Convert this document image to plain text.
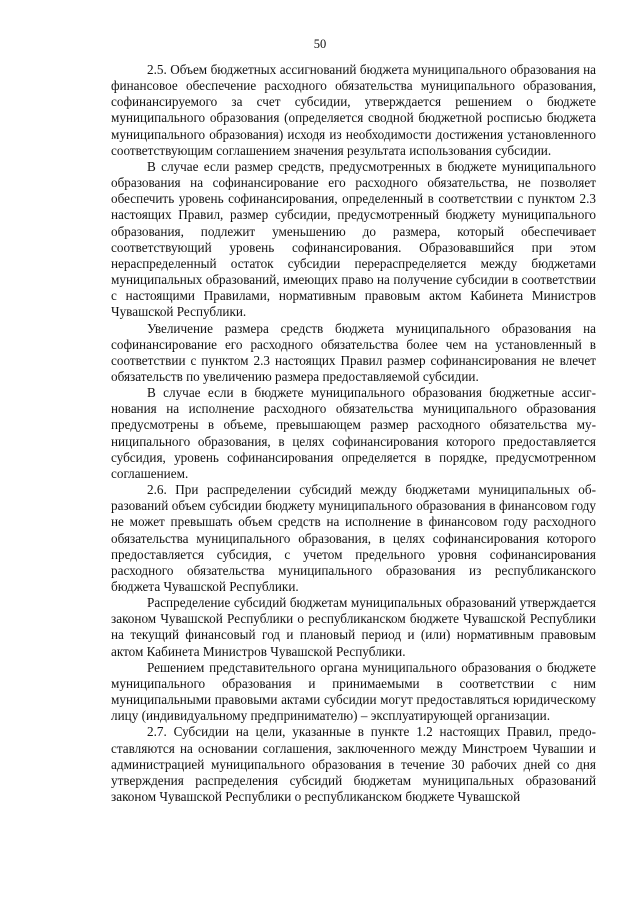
50

2.5. Объем бюджетных ассигнований бюджета муниципального образования на финансовое обеспечение расходного обязательства муниципального образования, софинансируемого за счет субсидии, утверждается решением о бюджете муниципального образования (определяется сводной бюджетной росписью бюджета муниципального образования) исходя из необходимости достижения установленного соответствующим соглашением значения результата использования субсидии.

В случае если размер средств, предусмотренных в бюджете муниципального образования на софинансирование его расходного обязательства, не позволяет обеспечить уровень софинансирования, определенный в соответствии с пунктом 2.3 настоящих Правил, размер субсидии, предусмотренный бюджету муниципального образования, подлежит уменьшению до размера, который обеспечивает соответствующий уровень софинансирования. Образовавшийся при этом нераспределенный остаток субсидии перераспределяется между бюджетами муниципальных образований, имеющих право на получение субсидии в соответствии с настоящими Правилами, нормативным правовым актом Кабинета Министров Чувашской Республики.

Увеличение размера средств бюджета муниципального образования на софинансирование его расходного обязательства более чем на установленный в соответствии с пунктом 2.3 настоящих Правил размер софинансирования не влечет обязательств по увеличению размера предоставляемой субсидии.

В случае если в бюджете муниципального образования бюджетные ассигнования на исполнение расходного обязательства муниципального образования предусмотрены в объеме, превышающем размер расходного обязательства муниципального образования, в целях софинансирования которого предоставляется субсидия, уровень софинансирования определяется в порядке, предусмотренном соглашением.

2.6. При распределении субсидий между бюджетами муниципальных образований объем субсидии бюджету муниципального образования в финансовом году не может превышать объем средств на исполнение в финансовом году расходного обязательства муниципального образования, в целях софинансирования которого предоставляется субсидия, с учетом предельного уровня софинансирования расходного обязательства муниципального образования из республиканского бюджета Чувашской Республики.

Распределение субсидий бюджетам муниципальных образований утверждается законом Чувашской Республики о республиканском бюджете Чувашской Республики на текущий финансовый год и плановый период и (или) нормативным правовым актом Кабинета Министров Чувашской Республики.

Решением представительного органа муниципального образования о бюджете муниципального образования и принимаемыми в соответствии с ним муниципальными правовыми актами субсидии могут предоставляться юридическому лицу (индивидуальному предпринимателю) – эксплуатирующей организации.

2.7. Субсидии на цели, указанные в пункте 1.2 настоящих Правил, предоставляются на основании соглашения, заключенного между Минстроем Чувашии и администрацией муниципального образования в течение 30 рабочих дней со дня утверждения распределения субсидий бюджетам муниципальных образований законом Чувашской Республики о республиканском бюджете Чувашской
